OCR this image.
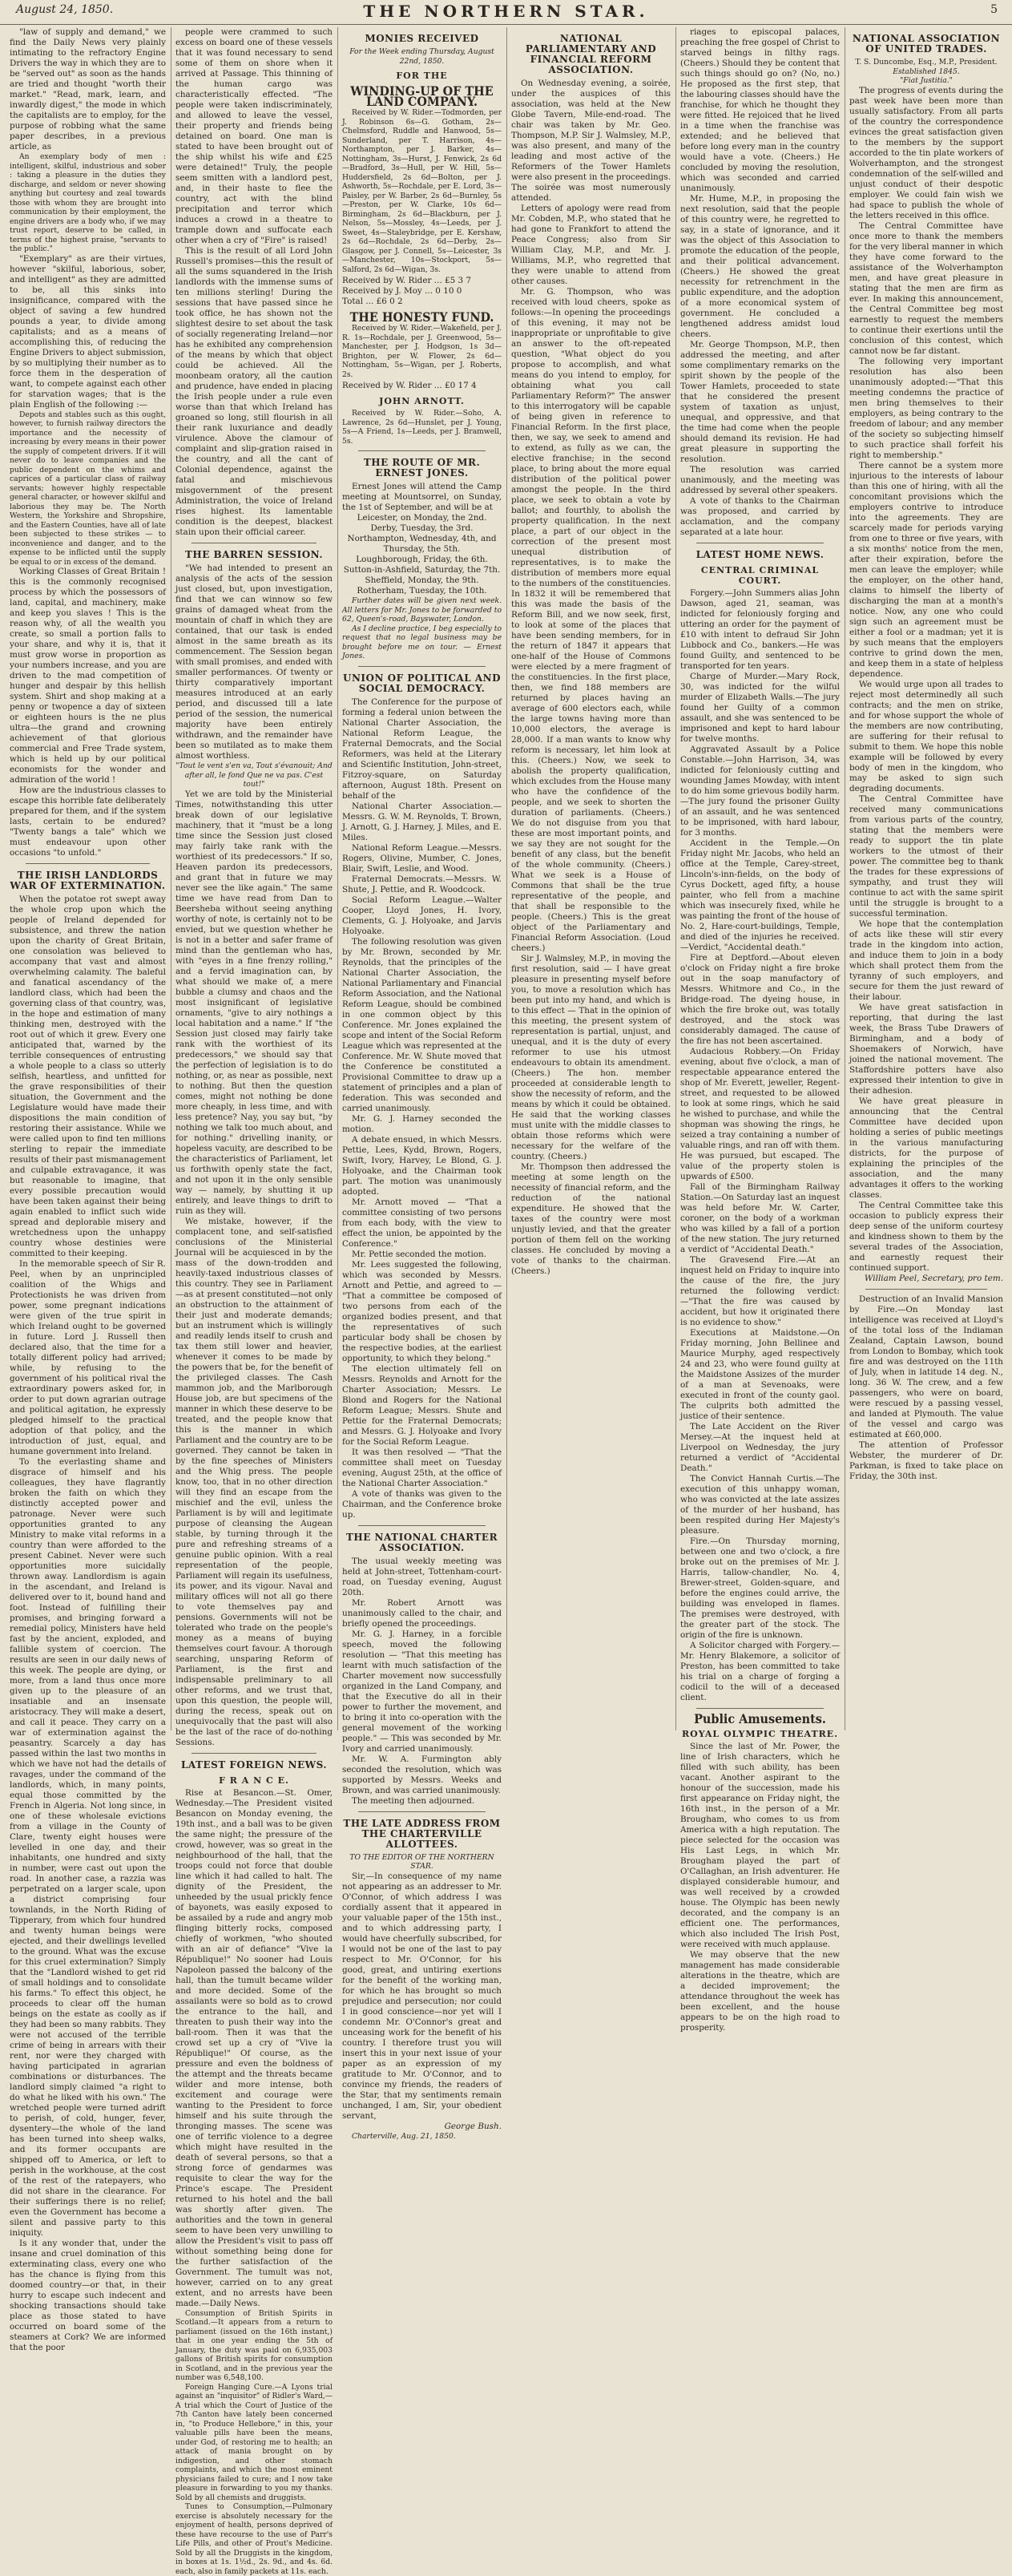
August 24, 1850.	THE NORTHERN STAR.	5

"law of supply and demand," we find the Daily News very plainly intimating to the refractory Engine Drivers the way in which they are to be "served out" as soon as the hands are tried and thought "worth their market." "Read, mark, learn, and inwardly digest," the mode in which the capitalists are to employ, for the purpose of robbing what the same paper describes, in a previous article, as

An exemplary body of men : intelligent, skilful, industrious and sober : taking a pleasure in the duties they discharge, and seldom or never showing anything but courtesy and zeal towards those with whom they are brought into communication by their employment, the engine drivers are a body who, if we may trust report, deserve to be called, in terms of the highest praise, "servants to the public."

"Exemplary" as are their virtues, however "skilful, laborious, sober, and intelligent" as they are admitted to be, all this sinks into insignificance, compared with the object of saving a few hundred pounds a year, to divide among capitalists; and as a means of accomplishing this, of reducing the Engine Drivers to abject submission, by so multiplying their number as to force them in the desperation of want, to compete against each other for starvation wages; that is the plain English of the following :—

Depots and stables such as this ought, however, to furnish railway directors the importance and the necessity of increasing by every means in their power the supply of competent drivers. If it will never do to leave companies and the public dependent on the whims and caprices of a particular class of railway servants; however highly respectable general character, or however skilful and laborious they may be. The North Western, the Yorkshire and Shropshire, and the Eastern Counties, have all of late been subjected to these strikes — to inconvenience and danger, and to the expense to be inflicted until the supply be equal to or in excess of the demand.

Working Classes of Great Britain ! this is the commonly recognised process by which the possessors of land, capital, and machinery, make and keep you slaves ! This is the reason why, of all the wealth you create, so small a portion falls to your share, and why it is, that it must grow worse in proportion as your numbers increase, and you are driven to the mad competition of hunger and despair by this hellish system. Shirt and shop making at a penny or twopence a day of sixteen or eighteen hours is the ne plus ultra—the grand and crowning achievement of that glorious commercial and Free Trade system, which is held up by our political economists for the wonder and admiration of the world !

How are the industrious classes to escape this horrible fate deliberately prepared for them, and if the system lasts, certain to be endured? "Twenty bangs a tale" which we must endeavour upon other occasions "to unfold."

THE IRISH LANDLORDS WAR OF EXTERMINATION.

When the potatoe rot swept away the whole crop upon which the people of Ireland depended for subsistence, and threw the nation upon the charity of Great Britain, one consolation was believed to accompany that vast and almost overwhelming calamity. The baleful and fanatical ascendancy of the landlord class, which had been the governing class of that country, was, in the hope and estimation of many thinking men, destroyed with the root out of which it grew. Every one anticipated that, warned by the terrible consequences of entrusting a whole people to a class so utterly selfish, heartless, and unfitted for the grave responsibilities of their situation, the Government and the Legislature would have made their dispositions the main condition of restoring their assistance. While we were called upon to find ten millions sterling to repair the immediate results of their past mismanagement and culpable extravagance, it was but reasonable to imagine, that every possible precaution would have been taken against their being again enabled to inflict such wide spread and deplorable misery and wretchedness upon the unhappy country whose destinies were committed to their keeping.

In the memorable speech of Sir R. Peel, when by an unprincipled coalition of the Whigs and Protectionists he was driven from power, some pregnant indications were given of the true spirit in which Ireland ought to be governed in future. Lord J. Russell then declared also, that the time for a totally different policy had arrived; while, by refusing to the government of his political rival the extraordinary powers asked for, in order to put down agrarian outrage and political agitation, he expressly pledged himself to the practical adoption of that policy, and the introduction of just, equal, and humane government into Ireland.

To the everlasting shame and disgrace of himself and his colleagues, they have flagrantly broken the faith on which they distinctly accepted power and patronage. Never were such opportunities granted to any Ministry to make vital reforms in a country than were afforded to the present Cabinet. Never were such opportunities more suicidally thrown away. Landlordism is again in the ascendant, and Ireland is delivered over to it, bound hand and foot. Instead of fulfilling their promises, and bringing forward a remedial policy, Ministers have held fast by the ancient, exploded, and fallible system of coercion. The results are seen in our daily news of this week. The people are dying, or more, from a land thus once more given up to the pleasure of an insatiable and an insensate aristocracy. They will make a desert, and call it peace. They carry on a war of extermination against the peasantry. Scarcely a day has passed within the last two months in which we have not had the details of ravages, under the command of the landlords, which, in many points, equal those committed by the French in Algeria. Not long since, in one of these wholesale evictions from a village in the County of Clare, twenty eight houses were levelled in one day, and their inhabitants, one hundred and sixty in number, were cast out upon the road. In another case, a razzia was perpetrated on a larger scale, upon a district comprising four townlands, in the North Riding of Tipperary, from which four hundred and twenty human beings were ejected, and their dwellings levelled to the ground. What was the excuse for this cruel extermination? Simply that the "Landlord wished to get rid of small holdings and to consolidate his farms." To effect this object, he proceeds to clear off the human beings on the estate as coolly as if they had been so many rabbits. They were not accused of the terrible crime of being in arrears with their rent, nor were they charged with having participated in agrarian combinations or disturbances. The landlord simply claimed "a right to do what he liked with his own." The wretched people were turned adrift to perish, of cold, hunger, fever, dysentery—the whole of the land has been turned into sheep walks, and its former occupants are shipped off to America, or left to perish in the workhouse, at the cost of the rest of the ratepayers, who did not share in the clearance. For their sufferings there is no relief; even the Government has become a silent and passive party to this iniquity.

Is it any wonder that, under the insane and cruel domination of this exterminating class, every one who has the chance is flying from this doomed country—or that, in their hurry to escape such indecent and shocking transactions should take place as those stated to have occurred on board some of the steamers at Cork? We are informed that the poor

people were crammed to such excess on board one of these vessels that it was found necessary to send some of them on shore when it arrived at Passage. This thinning of the human cargo was characteristically effected. "The people were taken indiscriminately, and allowed to leave the vessel, their property and friends being detained on board. One man is stated to have been brought out of the ship whilst his wife and £25 were detained!" Truly, the people seem smitten with a landlord pest, and, in their haste to flee the country, act with the blind precipitation and terror which induces a crowd in a theatre to trample down and suffocate each other when a cry of "Fire" is raised!

This is the result of all Lord John Russell's promises—this the result of all the sums squandered in the Irish landlords with the immense sums of ten millions sterling! During the sessions that have passed since he took office, he has shown not the slightest desire to set about the task of socially regenerating Ireland—nor has he exhibited any comprehension of the means by which that object could be achieved. All the moonbeam oratory, all the caution and prudence, have ended in placing the Irish people under a rule even worse than that which Ireland has groaned so long, still flourish in all their rank luxuriance and deadly virulence. Above the clamour of complaint and slip-gration raised in the country, and all the cant of Colonial dependence, against the fatal and mischievous misgovernment of the present Administration, the voice of Ireland rises highest. Its lamentable condition is the deepest, blackest stain upon their official career.

THE BARREN SESSION.

"We had intended to present an analysis of the acts of the session just closed, but, upon investigation, find that we can winnow so few grains of damaged wheat from the mountain of chaff in which they are contained, that our task is ended almost in the same breath as its commencement. The Session began with small promises, and ended with smaller performances. Of twenty or thirty comparatively important measures introduced at an early period, and discussed till a late period of the session, the numerical majority have been entirely withdrawn, and the remainder have been so mutilated as to make them almost worthless.

"Tout le vent s'en va, Tout s'évanouit; And after all, le fond Que ne va pas. C'est tout!"

Yet we are told by the Ministerial Times, notwithstanding this utter break down of our legislative machinery, that it "must be a long time since the Session just closed may fairly take rank with the worthiest of its predecessors." If so, Heaven pardon its predecessors, and grant that in future we may never see the like again." The same time we have read from Dan to Beersheba without seeing anything worthy of note, is certainly not to be envied, but we question whether he is not in a better and safer frame of mind than the gentleman who has, with "eyes in a fine frenzy rolling," and a fervid imagination can, by what should we make of, a mere bubble a clumsy and chaos and the most insignificant of legislative ornaments, "give to airy nothings a local habitation and a name." If "the Session just closed may fairly take rank with the worthiest of its predecessors," we should say that the perfection of legislation is to do nothing, or, as near as possible, next to nothing. But then the question comes, might not nothing be done more cheaply, in less time, and with less pretence? Nay, you say but, "by nothing we talk too much about, and for nothing." drivelling inanity, or hopeless vacuity, are described to be the characteristics of Parliament, let us forthwith openly state the fact, and not upon it in the only sensible way — namely, by shutting it up entirely, and leave things to drift to ruin as they will.

We mistake, however, if the complacent tone, and self-satisfied conclusions of the Ministerial Journal will be acquiesced in by the mass of the down-trodden and heavily-taxed industrious classes of this country. They see in Parliament—as at present constituted—not only an obstruction to the attainment of their just and moderate demands; but an instrument which is willingly and readily lends itself to crush and tax them still lower and heavier, whenever it comes to be made by the powers that be, for the benefit of the privileged classes. The Cash mammon job, and the Marlborough House job, are but specimens of the manner in which these deserve to be treated, and the people know that this is the manner in which Parliament and the country are to be governed. They cannot be taken in by the fine speeches of Ministers and the Whig press. The people know, too, that in no other direction will they find an escape from the mischief and the evil, unless the Parliament is by will and legitimate purpose of cleansing the Augean stable, by turning through it the pure and refreshing streams of a genuine public opinion. With a real representation of the people, Parliament will regain its usefulness, its power, and its vigour. Naval and military offices will not all go there to vote themselves pay and pensions. Governments will not be tolerated who trade on the people's money as a means of buying themselves court favour. A thorough searching, unsparing Reform of Parliament, is the first and indispensable preliminary to all other reforms, and we trust that, upon this question, the people will, during the recess, speak out on unequivocally that the past will also be the last of the race of do-nothing Sessions.

LATEST FOREIGN NEWS.
F R A N C E.

Rise at Besancon.—St. Omer, Wednesday.—The President visited Besancon on Monday evening, the 19th inst., and a ball was to be given the same night; the pressure of the crowd, however, was so great in the neighbourhood of the hall, that the troops could not force that double line which it had called to halt. The dignity of the President, the unheeded by the usual prickly fence of bayonets, was easily exposed to be assailed by a rude and angry mob flinging bitterly rocks, composed chiefly of workmen, "who shouted with an air of defiance" "Vive la République!" No sooner had Louis Napoleon passed the balcony of the hall, than the tumult became wilder and more decided. Some of the assailants were so bold as to crowd the entrance to the hall, and threaten to push their way into the ball-room. Then it was that the crowd set up a cry of "Vive la République!" Of course, as the pressure and even the boldness of the attempt and the threats became wilder and more intense, both excitement and courage were wanting to the President to force himself and his suite through the thronging masses. The scene was one of terrific violence to a degree which might have resulted in the death of several persons, so that a strong force of gendarmes was requisite to clear the way for the Prince's escape. The President returned to his hotel and the ball was shortly after given. The authorities and the town in general seem to have been very unwilling to allow the President's visit to pass off without something being done for the further satisfaction of the Government. The tumult was not, however, carried on to any great extent, and no arrests have been made.—Daily News.

Consumption of British Spirits in Scotland.—It appears from a return to parliament (issued on the 16th instant,) that in one year ending the 5th of January, the duty was paid on 6,935,003 gallons of British spirits for consumption in Scotland, and in the previous year the number was 6,548,100.

Foreign Hanging Cure.—A Lyons trial against an "inquisitor" of Ridler's Ward,—A trial which the Court of Justice of the 7th Canton have lately been concerned in, "to Produce Hellebore," in this, your valuable pills have been the means, under God, of restoring me to health; an attack of mania brought on by indigestion, and other stomach complaints, and which the most eminent physicians failed to cure; and I now take pleasure in forwarding to you my thanks. Sold by all chemists and druggists.

Tunes to Consumption,—Pulmonary exercise is absolutely necessary for the enjoyment of health, persons deprived of these have recourse to the use of Parr's Life Pills, and other of Prout's Medicine. Sold by all the Druggists in the kingdom, in boxes at 1s. 1½d., 2s. 9d., and 4s. 6d. each, also in family packets at 11s. each.

MONIES RECEIVED

For the Week ending Thursday, August 22nd, 1850.

FOR THE
WINDING-UP OF THE LAND COMPANY.

Received by W. Rider.—Todmorden, per J. Robinson 6s—G. Gotham, 2s—Chelmsford, Ruddle and Hanwood, 5s—Sunderland, per T. Harrison, 4s—Northampton, per J. Barker, 4s—Nottingham, 3s—Hurst, J. Fenwick, 2s 6d—Bradford, 3s—Hull, per W. Hill, 5s—Huddersfield, 2s 6d—Bolton, per J. Ashworth, 5s—Rochdale, per E. Lord, 3s—Paisley, per W. Barber, 2s 6d—Burnley, 5s—Preston, per W. Clarke, 10s 6d—Birmingham, 2s 6d—Blackburn, per J. Nelson, 5s—Mossley, 4s—Leeds, per J. Sweet, 4s—Staleybridge, per E. Kershaw, 2s 6d—Rochdale, 2s 6d—Derby, 2s—Glasgow, per J. Connell, 5s—Leicester, 3s—Manchester, 10s—Stockport, 5s—Salford, 2s 6d—Wigan, 3s.

Received by W. Rider ... £5 3 7
Received by J. Moy ... 0 10 0
Total ... £6 0 2
THE HONESTY FUND.

Received by W. Rider.—Wakefield, per J. R. 1s—Rochdale, per J. Greenwood, 5s—Manchester, per J. Hodgson, 1s 3d—Brighton, per W. Flower, 2s 6d—Nottingham, 5s—Wigan, per J. Roberts, 2s.

Received by W. Rider ... £0 17 4
JOHN ARNOTT.

Received by W. Rider.—Soho, A. Lawrence, 2s 6d—Hunslet, per J. Young, 5s—A Friend, 1s—Leeds, per J. Bramwell, 5s.

THE ROUTE OF MR. ERNEST JONES.

Ernest Jones will attend the Camp meeting at Mountsorrel, on Sunday, the 1st of September, and will be at

Leicester, on Monday, the 2nd.

Derby, Tuesday, the 3rd.

Northampton, Wednesday, 4th, and Thursday, the 5th.

Loughborough, Friday, the 6th.

Sutton-in-Ashfield, Saturday, the 7th.

Sheffield, Monday, the 9th.

Rotherham, Tuesday, the 10th.

Further dates will be given next week. All letters for Mr. Jones to be forwarded to 62, Queen's-road, Bayswater, London.

As I decline practice, I beg especially to request that no legal business may be brought before me on tour. — Ernest Jones.

UNION OF POLITICAL AND SOCIAL DEMOCRACY.

The Conference for the purpose of forming a federal union between the National Charter Association, the National Reform League, the Fraternal Democrats, and the Social Reformers, was held at the Literary and Scientific Institution, John-street, Fitzroy-square, on Saturday afternoon, August 18th. Present on behalf of the

National Charter Association.—Messrs. G. W. M. Reynolds, T. Brown, J. Arnott, G. J. Harney, J. Miles, and E. Miles.

National Reform League.—Messrs. Rogers, Olivine, Mumber, C. Jones, Blair, Swift, Leslie, and Wood.

Fraternal Democrats.—Messrs. W. Shute, J. Pettie, and R. Woodcock.

Social Reform League.—Walter Cooper, Lloyd Jones, H. Ivory, Clements, G. J. Holyoake, and Jarvis Holyoake.

The following resolution was given by Mr. Brown, seconded by Mr. Reynolds, that the principles of the National Charter Association, the National Parliamentary and Financial Reform Association, and the National Reform League, should be combined in one common object by this Conference. Mr. Jones explained the scope and intent of the Social Reform League which was represented at the Conference. Mr. W. Shute moved that the Conference be constituted a Provisional Committee to draw up a statement of principles and a plan of federation. This was seconded and carried unanimously.

Mr. G. J. Harney seconded the motion.

A debate ensued, in which Messrs. Pettie, Lees, Kydd, Brown, Rogers, Swift, Ivory, Harvey, Le Blond, G. J. Holyoake, and the Chairman took part. The motion was unanimously adopted.

Mr. Arnott moved — "That a committee consisting of two persons from each body, with the view to effect the union, be appointed by the Conference."

Mr. Pettie seconded the motion.

Mr. Lees suggested the following, which was seconded by Messrs. Arnott and Pettie, and agreed to — "That a committee be composed of two persons from each of the organized bodies present, and that the representatives of such particular body shall be chosen by the respective bodies, at the earliest opportunity, to which they belong."

The election ultimately fell on Messrs. Reynolds and Arnott for the Charter Association; Messrs. Le Blond and Rogers for the National Reform League; Messrs. Shute and Pettie for the Fraternal Democrats; and Messrs. G. J. Holyoake and Ivory for the Social Reform League.

It was then resolved — "That the committee shall meet on Tuesday evening, August 25th, at the office of the National Charter Association."

A vote of thanks was given to the Chairman, and the Conference broke up.

THE NATIONAL CHARTER ASSOCIATION.

The usual weekly meeting was held at John-street, Tottenham-court-road, on Tuesday evening, August 20th.

Mr. Robert Arnott was unanimously called to the chair, and briefly opened the proceedings.

Mr. G. J. Harney, in a forcible speech, moved the following resolution — "That this meeting has learnt with much satisfaction of the Charter movement now successfully organized in the Land Company, and that the Executive do all in their power to further the movement, and to bring it into co-operation with the general movement of the working people." — This was seconded by Mr. Ivory and carried unanimously.

Mr. W. A. Furmington ably seconded the resolution, which was supported by Messrs. Weeks and Brown, and was carried unanimously.

The meeting then adjourned.

THE LATE ADDRESS FROM THE CHARTERVILLE ALLOTTEES.

TO THE EDITOR OF THE NORTHERN STAR.

Sir,—In consequence of my name not appearing as an addresser to Mr. O'Connor, of which address I was cordially assent that it appeared in your valuable paper of the 15th inst., and to which addressing party, I would have cheerfully subscribed, for I would not be one of the last to pay respect to Mr. O'Connor, for his good, great, and untiring exertions for the benefit of the working man, for which he has brought so much prejudice and persecution; nor could I in good conscience—nor yet will I condemn Mr. O'Connor's great and unceasing work for the benefit of his country. I therefore trust you will insert this in your next issue of your paper as an expression of my gratitude to Mr. O'Connor, and to convince my friends, the readers of the Star, that my sentiments remain unchanged, I am, Sir, your obedient servant,

George Bush.

Charterville, Aug. 21, 1850.

NATIONAL PARLIAMENTARY AND FINANCIAL REFORM ASSOCIATION.

On Wednesday evening, a soirée, under the auspices of this association, was held at the New Globe Tavern, Mile-end-road. The chair was taken by Mr. Geo. Thompson, M.P. Sir J. Walmsley, M.P., was also present, and many of the leading and most active of the Reformers of the Tower Hamlets were also present in the proceedings. The soirée was most numerously attended.

Letters of apology were read from Mr. Cobden, M.P., who stated that he had gone to Frankfort to attend the Peace Congress; also from Sir William Clay, M.P., and Mr. J. Williams, M.P., who regretted that they were unable to attend from other causes.

Mr. G. Thompson, who was received with loud cheers, spoke as follows:—In opening the proceedings of this evening, it may not be inappropriate or unprofitable to give an answer to the oft-repeated question, "What object do you propose to accomplish, and what means do you intend to employ, for obtaining what you call Parliamentary Reform?" The answer to this interrogatory will be capable of being given in reference to Financial Reform. In the first place, then, we say, we seek to amend and to extend, as fully as we can, the elective franchise; in the second place, to bring about the more equal distribution of the political power amongst the people. In the third place, we seek to obtain a vote by ballot; and fourthly, to abolish the property qualification. In the next place, a part of our object in the correction of the present most unequal distribution of representatives, is to make the distribution of members more equal to the numbers of the constituencies. In 1832 it will be remembered that this was made the basis of the Reform Bill, and we now seek, first, to look at some of the places that have been sending members, for in the return of 1847 it appears that one-half of the House of Commons were elected by a mere fragment of the constituencies. In the first place, then, we find 188 members are returned by places having an average of 600 electors each, while the large towns having more than 10,000 electors, the average is 28,000. If a man wants to know why reform is necessary, let him look at this. (Cheers.) Now, we seek to abolish the property qualification, which excludes from the House many who have the confidence of the people, and we seek to shorten the duration of parliaments. (Cheers.) We do not disguise from you that these are most important points, and we say they are not sought for the benefit of any class, but the benefit of the whole community. (Cheers.) What we seek is a House of Commons that shall be the true representative of the people, and that shall be responsible to the people. (Cheers.) This is the great object of the Parliamentary and Financial Reform Association. (Loud cheers.)

Sir J. Walmsley, M.P., in moving the first resolution, said — I have great pleasure in presenting myself before you, to move a resolution which has been put into my hand, and which is to this effect — That in the opinion of this meeting, the present system of representation is partial, unjust, and unequal, and it is the duty of every reformer to use his utmost endeavours to obtain its amendment. (Cheers.) The hon. member proceeded at considerable length to show the necessity of reform, and the means by which it could be obtained. He said that the working classes must unite with the middle classes to obtain those reforms which were necessary for the welfare of the country. (Cheers.)

Mr. Thompson then addressed the meeting at some length on the necessity of financial reform, and the reduction of the national expenditure. He showed that the taxes of the country were most unjustly levied, and that the greater portion of them fell on the working classes. He concluded by moving a vote of thanks to the chairman. (Cheers.)

riages to episcopal palaces, preaching the free gospel of Christ to starved beings in filthy rags. (Cheers.) Should they be content that such things should go on? (No, no.) He proposed as the first step, that the labouring classes should have the franchise, for which he thought they were fitted. He rejoiced that he lived in a time when the franchise was extended; and he believed that before long every man in the country would have a vote. (Cheers.) He concluded by moving the resolution, which was seconded and carried unanimously.

Mr. Hume, M.P., in proposing the next resolution, said that the people of this country were, he regretted to say, in a state of ignorance, and it was the object of this Association to promote the education of the people, and their political advancement. (Cheers.) He showed the great necessity for retrenchment in the public expenditure, and the adoption of a more economical system of government. He concluded a lengthened address amidst loud cheers.

Mr. George Thompson, M.P., then addressed the meeting, and after some complimentary remarks on the spirit shown by the people of the Tower Hamlets, proceeded to state that he considered the present system of taxation as unjust, unequal, and oppressive, and that the time had come when the people should demand its revision. He had great pleasure in supporting the resolution.

The resolution was carried unanimously, and the meeting was addressed by several other speakers.

A vote of thanks to the Chairman was proposed, and carried by acclamation, and the company separated at a late hour.

LATEST HOME NEWS.
CENTRAL CRIMINAL COURT.

Forgery.—John Summers alias John Dawson, aged 21, seaman, was indicted for feloniously forging and uttering an order for the payment of £10 with intent to defraud Sir John Lubbock and Co., bankers.—He was found Guilty, and sentenced to be transported for ten years.

Charge of Murder.—Mary Rock, 30, was indicted for the wilful murder of Elizabeth Walls.—The jury found her Guilty of a common assault, and she was sentenced to be imprisoned and kept to hard labour for twelve months.

Aggravated Assault by a Police Constable.—John Harrison, 34, was indicted for feloniously cutting and wounding James Mowday, with intent to do him some grievous bodily harm.—The jury found the prisoner Guilty of an assault, and he was sentenced to be imprisoned, with hard labour, for 3 months.

Accident in the Temple.—On Friday night Mr. Jacobs, who held an office at the Temple, Carey-street, Lincoln's-inn-fields, on the body of Cyrus Dockett, aged fifty, a house painter, who fell from a machine which was insecurely fixed, while he was painting the front of the house of No. 2, Hare-court-buildings, Temple, and died of the injuries he received.—Verdict, "Accidental death."

Fire at Deptford.—About eleven o'clock on Friday night a fire broke out in the soap manufactory of Messrs. Whitmore and Co., in the Bridge-road. The dyeing house, in which the fire broke out, was totally destroyed, and the stock was considerably damaged. The cause of the fire has not been ascertained.

Audacious Robbery.—On Friday evening, about five o'clock, a man of respectable appearance entered the shop of Mr. Everett, jeweller, Regent-street, and requested to be allowed to look at some rings, which he said he wished to purchase, and while the shopman was showing the rings, he seized a tray containing a number of valuable rings, and ran off with them. He was pursued, but escaped. The value of the property stolen is upwards of £500.

Fall of the Birmingham Railway Station.—On Saturday last an inquest was held before Mr. W. Carter, coroner, on the body of a workman who was killed by a fall of a portion of the new station. The jury returned a verdict of "Accidental Death."

The Gravesend Fire.—At an inquest held on Friday to inquire into the cause of the fire, the jury returned the following verdict:—"That the fire was caused by accident, but how it originated there is no evidence to show."

Executions at Maidstone.—On Friday morning, John Bellinee and Maurice Murphy, aged respectively 24 and 23, who were found guilty at the Maidstone Assizes of the murder of a man at Sevenoaks, were executed in front of the county gaol. The culprits both admitted the justice of their sentence.

The Late Accident on the River Mersey.—At the inquest held at Liverpool on Wednesday, the jury returned a verdict of "Accidental Death."

The Convict Hannah Curtis.—The execution of this unhappy woman, who was convicted at the late assizes of the murder of her husband, has been respited during Her Majesty's pleasure.

Fire.—On Thursday morning, between one and two o'clock, a fire broke out on the premises of Mr. J. Harris, tallow-chandler, No. 4, Brewer-street, Golden-square, and before the engines could arrive, the building was enveloped in flames. The premises were destroyed, with the greater part of the stock. The origin of the fire is unknown.

A Solicitor charged with Forgery.—Mr. Henry Blakemore, a solicitor of Preston, has been committed to take his trial on a charge of forging a codicil to the will of a deceased client.

Public Amusements.
ROYAL OLYMPIC THEATRE.

Since the last of Mr. Power, the line of Irish characters, which he filled with such ability, has been vacant. Another aspirant to the honour of the succession, made his first appearance on Friday night, the 16th inst., in the person of a Mr. Brougham, who comes to us from America with a high reputation. The piece selected for the occasion was His Last Legs, in which Mr. Brougham played the part of O'Callaghan, an Irish adventurer. He displayed considerable humour, and was well received by a crowded house. The Olympic has been newly decorated, and the company is an efficient one. The performances, which also included The Irish Post, were received with much applause.

We may observe that the new management has made considerable alterations in the theatre, which are a decided improvement; the attendance throughout the week has been excellent, and the house appears to be on the high road to prosperity.

NATIONAL ASSOCIATION OF UNITED TRADES.

T. S. Duncombe, Esq., M.P., President.

Established 1845.

"Fiat Justitia."

The progress of events during the past week have been more than usually satisfactory. From all parts of the country the correspondence evinces the great satisfaction given to the members by the support accorded to the tin plate workers of Wolverhampton, and the strongest condemnation of the self-willed and unjust conduct of their despotic employer. We could fain wish we had space to publish the whole of the letters received in this office.

The Central Committee have once more to thank the members for the very liberal manner in which they have come forward to the assistance of the Wolverhampton men, and have great pleasure in stating that the men are firm as ever. In making this announcement, the Central Committee beg most earnestly to request the members to continue their exertions until the conclusion of this contest, which cannot now be far distant.

The following very important resolution has also been unanimously adopted:—"That this meeting condemns the practice of men bring themselves to their employers, as being contrary to the freedom of labour; and any member of the society so subjecting himself to such practice shall forfeit his right to membership."

There cannot be a system more injurious to the interests of labour than this one of hiring, with all the concomitant provisions which the employers contrive to introduce into the agreements. They are scarcely made for periods varying from one to three or five years, with a six months' notice from the men, after their expiration, before the men can leave the employer; while the employer, on the other hand, claims to himself the liberty of discharging the man at a month's notice. Now, any one who could sign such an agreement must be either a fool or a madman; yet it is by such means that the employers contrive to grind down the men, and keep them in a state of helpless dependence.

We would urge upon all trades to reject most determinedly all such contracts; and the men on strike, and for whose support the whole of the members are now contributing, are suffering for their refusal to submit to them. We hope this noble example will be followed by every body of men in the kingdom, who may be asked to sign such degrading documents.

The Central Committee have received many communications from various parts of the country, stating that the members were ready to support the tin plate workers to the utmost of their power. The committee beg to thank the trades for these expressions of sympathy, and trust they will continue to act with the same spirit until the struggle is brought to a successful termination.

We hope that the contemplation of acts like these will stir every trade in the kingdom into action, and induce them to join in a body which shall protect them from the tyranny of such employers, and secure for them the just reward of their labour.

We have great satisfaction in reporting, that during the last week, the Brass Tube Drawers of Birmingham, and a body of Shoemakers of Norwich, have joined the national movement. The Staffordshire potters have also expressed their intention to give in their adhesion.

We have great pleasure in announcing that the Central Committee have decided upon holding a series of public meetings in the various manufacturing districts, for the purpose of explaining the principles of the association, and the many advantages it offers to the working classes.

The Central Committee take this occasion to publicly express their deep sense of the uniform courtesy and kindness shown to them by the several trades of the Association, and earnestly request their continued support.

William Peel, Secretary, pro tem.

Destruction of an Invalid Mansion by Fire.—On Monday last intelligence was received at Lloyd's of the total loss of the Indiaman Zealand, Captain Lawson, bound from London to Bombay, which took fire and was destroyed on the 11th of July, when in latitude 14 deg. N., long. 36 W. The crew, and a few passengers, who were on board, were rescued by a passing vessel, and landed at Plymouth. The value of the vessel and cargo was estimated at £60,000.

The attention of Professor Webster, the murderer of Dr. Parkman, is fixed to take place on Friday, the 30th inst.
